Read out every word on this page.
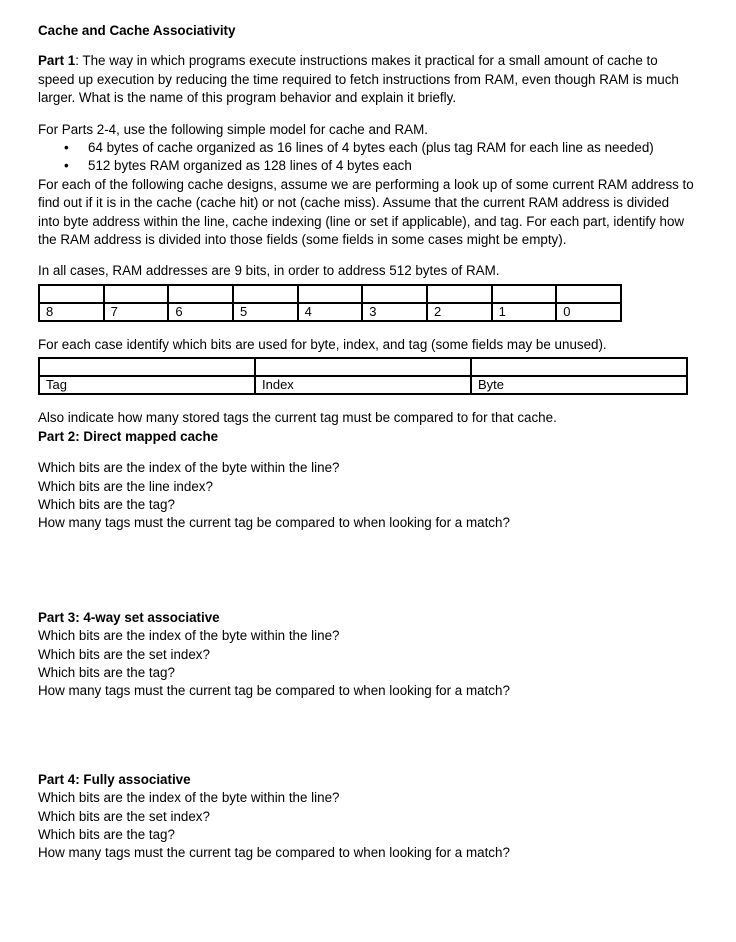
Cache and Cache Associativity

Part 1: The way in which programs execute instructions makes it practical for a small amount of cache to speed up execution by reducing the time required to fetch instructions from RAM, even though RAM is much larger. What is the name of this program behavior and explain it briefly.

For Parts 2-4, use the following simple model for cache and RAM.

• 64 bytes of cache organized as 16 lines of 4 bytes each (plus tag RAM for each line as needed)
• 512 bytes RAM organized as 128 lines of 4 bytes each

For each of the following cache designs, assume we are performing a look up of some current RAM address to find out if it is in the cache (cache hit) or not (cache miss). Assume that the current RAM address is divided into byte address within the line, cache indexing (line or set if applicable), and tag. For each part, identify how the RAM address is divided into those fields (some fields in some cases might be empty).

In all cases, RAM addresses are 9 bits, in order to address 512 bytes of RAM.

8	7	6	5	4	3	2	1	0

For each case identify which bits are used for byte, index, and tag (some fields may be unused).

Tag	Index	Byte

Also indicate how many stored tags the current tag must be compared to for that cache.

Part 2: Direct mapped cache

Which bits are the index of the byte within the line?

Which bits are the line index?

Which bits are the tag?

How many tags must the current tag be compared to when looking for a match?

Part 3: 4-way set associative

Which bits are the index of the byte within the line?

Which bits are the set index?

Which bits are the tag?

How many tags must the current tag be compared to when looking for a match?

Part 4: Fully associative

Which bits are the index of the byte within the line?

Which bits are the set index?

Which bits are the tag?

How many tags must the current tag be compared to when looking for a match?
